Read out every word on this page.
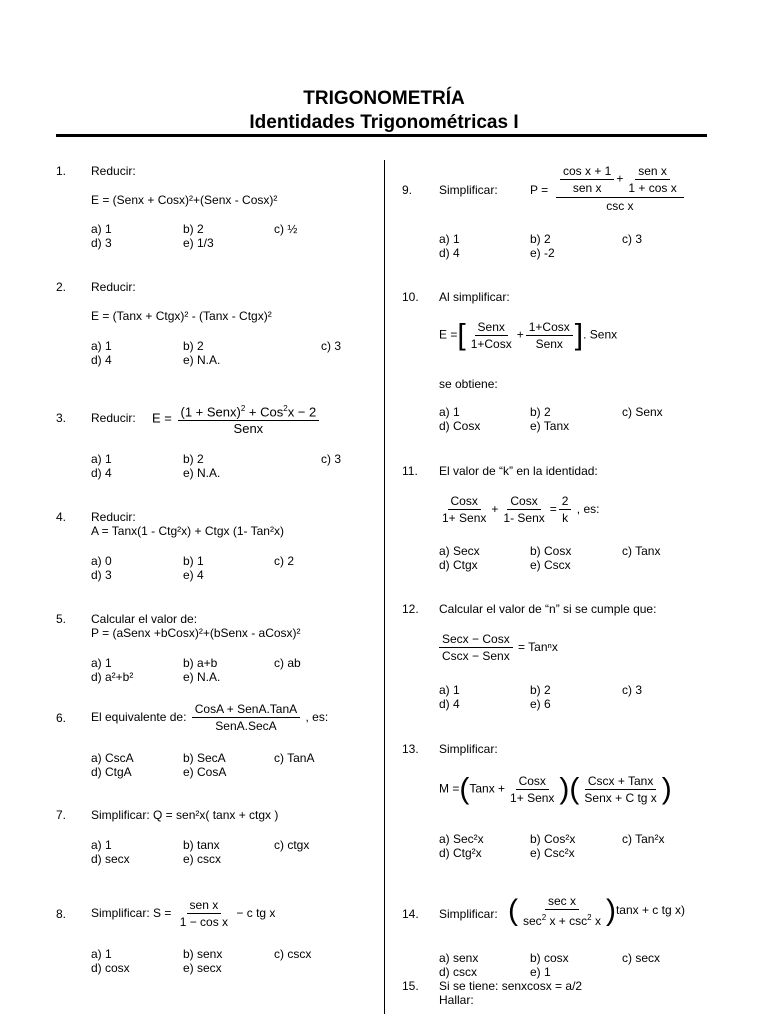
TRIGONOMETRÍA
Identidades Trigonométricas I
1. Reducir:
E = (Senx + Cosx)²+(Senx - Cosx)²
a) 1	b) 2	c) ½
d) 3	e) 1/3
2. Reducir:
E = (Tanx + Ctgx)² - (Tanx - Ctgx)²
a) 1	b) 2	c) 3
d) 4	e) N.A.
3. Reducir: $E = \frac{(1 + Senx)^2 + Cos^2x - 2}{\text{Senx}}$
a) 1	b) 2	c) 3
d) 4	e) N.A.
4. Reducir:
A = Tanx(1 - Ctg²x) + Ctgx (1- Tan²x)
a) 0	b) 1	c) 2
d) 3	e) 4
5. Calcular el valor de:
P = (aSenx +bCosx)²+(bSenx - aCosx)²
a) 1	b) a+b	c) ab
d) a²+b²	e) N.A.
6. El equivalente de: $\frac{\text{CosA + SenA.TanA}}{\text{SenA.SecA}}$ , es:
a) CscA	b) SecA	c) TanA
d) CtgA	e) CosA
7. Simplificar: Q = sen²x( tanx + ctgx )
a) 1	b) tanx	c) ctgx
d) secx	e) cscx
8. Simplificar: $S = \frac{\text{sen x}}{\text{1 − cos x}} - c$ tg x
a) 1	b) senx	c) cscx
d) cosx	e) secx
9. Simplificar:	$P = \frac{\text{cos x + 1}}{\text{sen x}} + \frac{\text{sen x}}{\text{1 + cos x}}$
csc x
a) 1	b) 2	c) 3
d) 4	e) -2
10. Al simplificar:
E =[ $\frac{\text{Senx}}{\text{1+Cosx}} + \frac{\text{1+Cosx}}{\text{Senx}}$ ]. Senx
se obtiene:
a) 1	b) 2	c) Senx
d) Cosx	e) Tanx
11. El valor de “k” en la identidad:
$\frac{\text{Cosx}}{\text{1+ Senx}} + \frac{\text{Cosx}}{\text{1- Senx}} = \frac{2}{k}$ , es:
a) Secx	b) Cosx	c) Tanx
d) Ctgx	e) Cscx
12. Calcular el valor de “n” si se cumple que:
$\frac{\text{Secx − Cosx}}{\text{Cscx − Senx}} = Tan^nx$
a) 1	b) 2	c) 3
d) 4	e) 6
13. Simplificar:
M =(Tanx + $\frac{\text{Cosx}}{\text{1+ Senx}}$ )( $\frac{\text{Cscx + Tanx}}{\text{Senx + C tg x}}$ )
a) Sec²x	b) Cos²x	c) Tan²x
d) Ctg²x	e) Csc²x
14. Simplificar: ( $\frac{\text{sec x}}{\sec^2 x + \csc^2 x} )\tan x + c$ tg x)
a) senx	b) cosx	c) secx
d) cscx	e) 1
15. Si se tiene: senxcosx = a/2
Hallar:
